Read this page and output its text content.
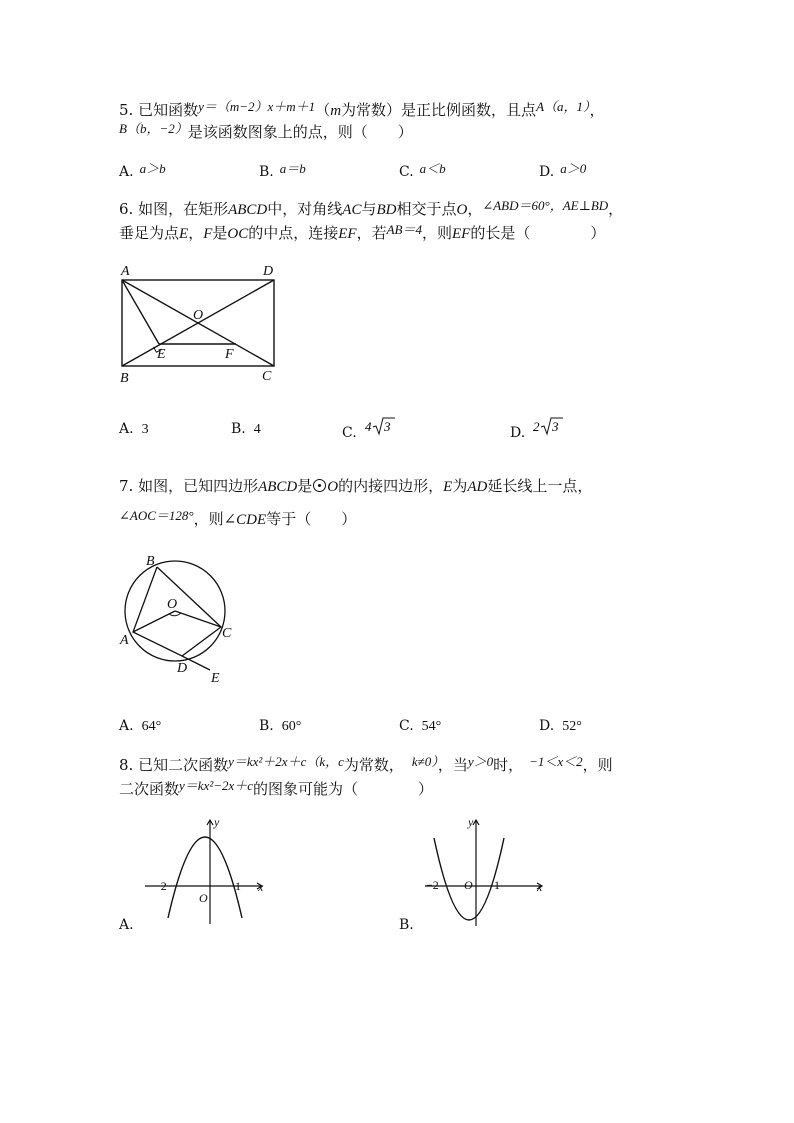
5. 已知函数y＝（m−2）x＋m＋1（m为常数）是正比例函数，且点A（a，1），
B（b，−2）是该函数图象上的点，则（　　）
A. a＞b	B. a＝b	C. a＜b	D. a＞0
6. 如图，在矩形ABCD中，对角线AC与BD相交于点O，∠ABD＝60°，AE⊥BD，
垂足为点E，F是OC的中点，连接EF，若AB＝4，则EF的长是（　　　　）
A	D
B	C
O
E	F
A. 3	B. 4	C. 4 3	D. 2 3
7. 如图，已知四边形ABCD是 O的内接四边形，E为AD延长线上一点，
∠AOC＝128°，则∠CDE等于（　　）
B
O
A	C
D
E
A. 64°	B. 60°	C. 54°	D. 52°
8. 已知二次函数y＝kx²＋2x＋c（k，c为常数， k≠0），当y＞0时， −1＜x＜2，则
二次函数y＝kx²−2x＋c的图象可能为（　　　　）
y
x
O
−2	1
A.
y
x
O
−2	1
B.
